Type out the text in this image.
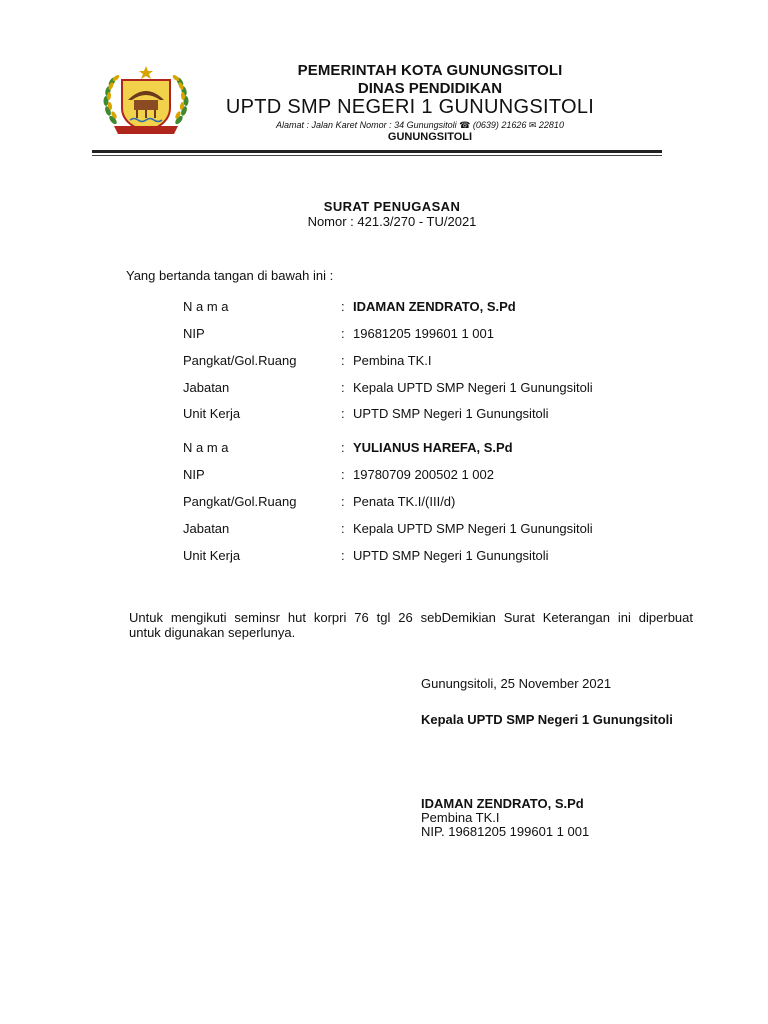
PEMERINTAH KOTA GUNUNGSITOLI
DINAS PENDIDIKAN
UPTD SMP NEGERI 1 GUNUNGSITOLI
Alamat : Jalan Karet Nomor : 34 Gunungsitoli ☎ (0639) 21626 ✉ 22810
GUNUNGSITOLI
SURAT PENUGASAN
Nomor : 421.3/270 - TU/2021
Yang bertanda tangan di bawah ini :
N a m a	: IDAMAN ZENDRATO, S.Pd
NIP	: 19681205 199601 1 001
Pangkat/Gol.Ruang	: Pembina TK.I
Jabatan	: Kepala UPTD SMP Negeri 1 Gunungsitoli
Unit Kerja	: UPTD SMP Negeri 1 Gunungsitoli
N a m a	: YULIANUS HAREFA, S.Pd
NIP	: 19780709 200502 1 002
Pangkat/Gol.Ruang	: Penata TK.I/(III/d)
Jabatan	: Kepala UPTD SMP Negeri 1 Gunungsitoli
Unit Kerja	: UPTD SMP Negeri 1 Gunungsitoli
Untuk mengikuti seminsr hut korpri 76 tgl 26 sebDemikian Surat Keterangan ini diperbuat
untuk digunakan seperlunya.
Gunungsitoli, 25 November 2021
Kepala UPTD SMP Negeri 1 Gunungsitoli
IDAMAN ZENDRATO, S.Pd
Pembina TK.I
NIP. 19681205 199601 1 001
